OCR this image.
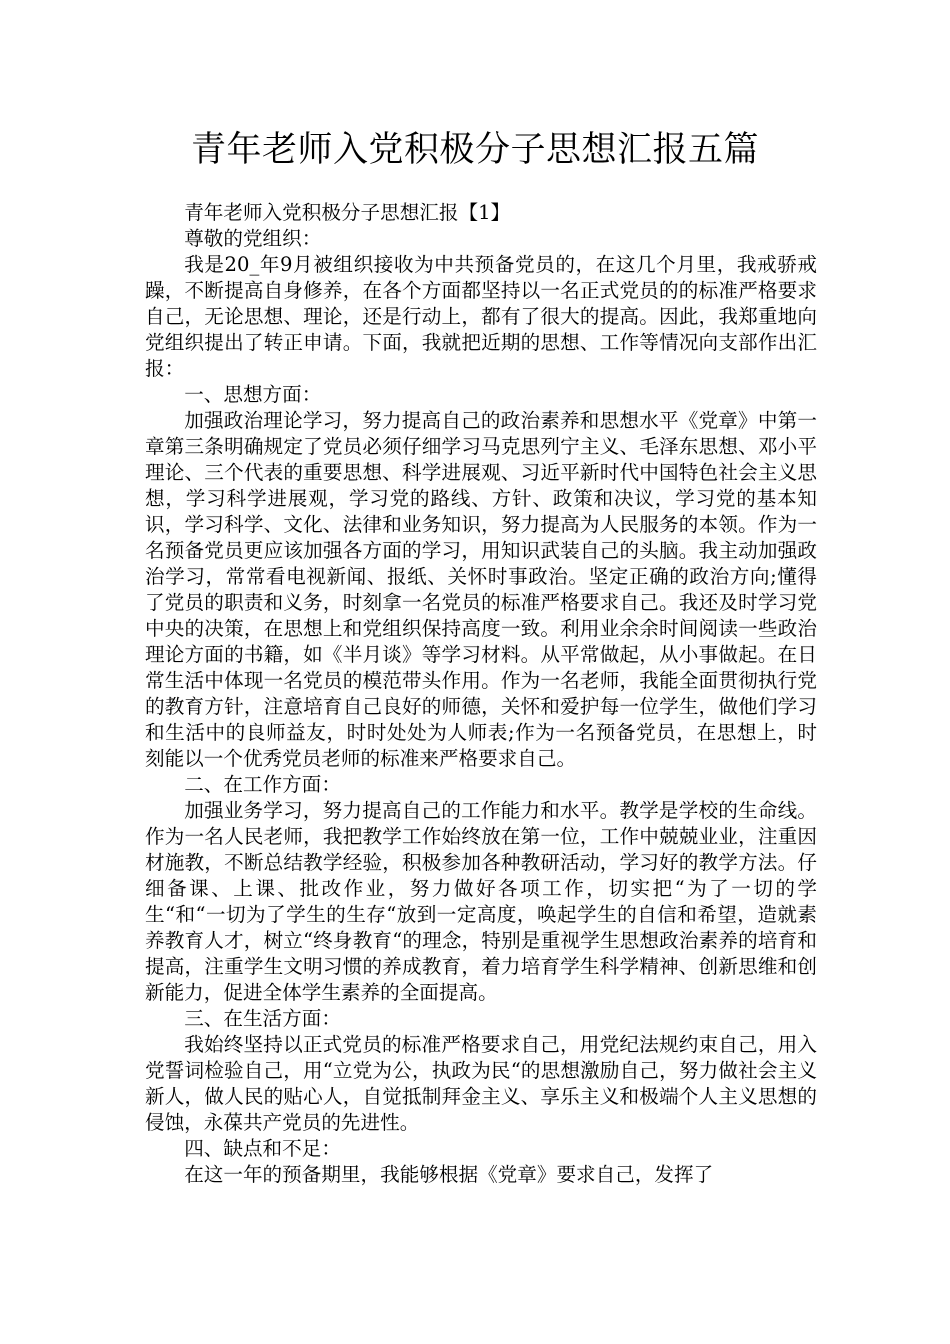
青年老师入党积极分子思想汇报五篇

青年老师入党积极分子思想汇报【1】

尊敬的党组织：

我是20_年9月被组织接收为中共预备党员的，在这几个月里，我戒骄戒躁，不断提高自身修养，在各个方面都坚持以一名正式党员的的标准严格要求自己，无论思想、理论，还是行动上，都有了很大的提高。因此，我郑重地向党组织提出了转正申请。下面，我就把近期的思想、工作等情况向支部作出汇报：

一、思想方面：

加强政治理论学习，努力提高自己的政治素养和思想水平《党章》中第一章第三条明确规定了党员必须仔细学习马克思列宁主义、毛泽东思想、邓小平理论、三个代表的重要思想、科学进展观、习近平新时代中国特色社会主义思想，学习科学进展观，学习党的路线、方针、政策和决议，学习党的基本知识，学习科学、文化、法律和业务知识，努力提高为人民服务的本领。作为一名预备党员更应该加强各方面的学习，用知识武装自己的头脑。我主动加强政治学习，常常看电视新闻、报纸、关怀时事政治。坚定正确的政治方向;懂得了党员的职责和义务，时刻拿一名党员的标准严格要求自己。我还及时学习党中央的决策，在思想上和党组织保持高度一致。利用业余余时间阅读一些政治理论方面的书籍，如《半月谈》等学习材料。从平常做起，从小事做起。在日常生活中体现一名党员的模范带头作用。作为一名老师，我能全面贯彻执行党的教育方针，注意培育自己良好的师德，关怀和爱护每一位学生，做他们学习和生活中的良师益友，时时处处为人师表;作为一名预备党员，在思想上，时刻能以一个优秀党员老师的标准来严格要求自己。

二、在工作方面：

加强业务学习，努力提高自己的工作能力和水平。教学是学校的生命线。作为一名人民老师，我把教学工作始终放在第一位，工作中兢兢业业，注重因材施教，不断总结教学经验，积极参加各种教研活动，学习好的教学方法。仔细备课、上课、批改作业，努力做好各项工作，切实把“为了一切的学生“和“一切为了学生的生存“放到一定高度，唤起学生的自信和希望，造就素养教育人才，树立“终身教育“的理念，特别是重视学生思想政治素养的培育和提高，注重学生文明习惯的养成教育，着力培育学生科学精神、创新思维和创新能力，促进全体学生素养的全面提高。

三、在生活方面：

我始终坚持以正式党员的标准严格要求自己，用党纪法规约束自己，用入党誓词检验自己，用“立党为公，执政为民“的思想激励自己，努力做社会主义新人，做人民的贴心人，自觉抵制拜金主义、享乐主义和极端个人主义思想的侵蚀，永葆共产党员的先进性。

四、缺点和不足：

在这一年的预备期里，我能够根据《党章》要求自己，发挥了
